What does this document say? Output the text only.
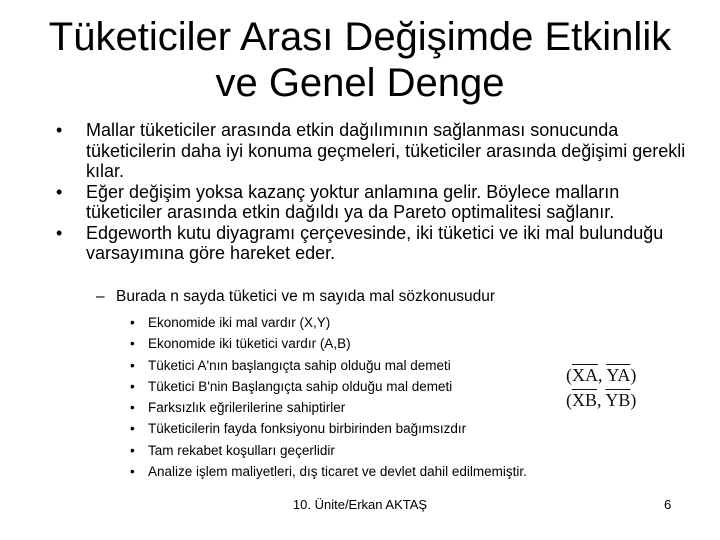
Tüketiciler Arası Değişimde Etkinlik
ve Genel Denge
• Mallar tüketiciler arasında etkin dağılımının sağlanması sonucunda tüketicilerin daha iyi konuma geçmeleri, tüketiciler arasında değişimi gerekli kılar.
• Eğer değişim yoksa kazanç yoktur anlamına gelir. Böylece malların tüketiciler arasında etkin dağıldı ya da Pareto optimalitesi sağlanır.
• Edgeworth kutu diyagramı çerçevesinde, iki tüketici ve iki mal bulunduğu varsayımına göre hareket eder.
– Burada n sayda tüketici ve m sayıda mal sözkonusudur
• Ekonomide iki mal vardır (X,Y)
• Ekonomide iki tüketici vardır (A,B)
• Tüketici A'nın başlangıçta sahip olduğu mal demeti
• Tüketici B'nin Başlangıçta sahip olduğu mal demeti
• Farksızlık eğrilerilerine sahiptirler
• Tüketicilerin fayda fonksiyonu birbirinden bağımsızdır
• Tam rekabet koşulları geçerlidir
• Analize işlem maliyetleri, dış ticaret ve devlet dahil edilmemiştir.
($\overline{XA}$, $\overline{YA}$)
($\overline{XB}$, $\overline{YB}$)
10. Ünite/Erkan AKTAŞ	6
